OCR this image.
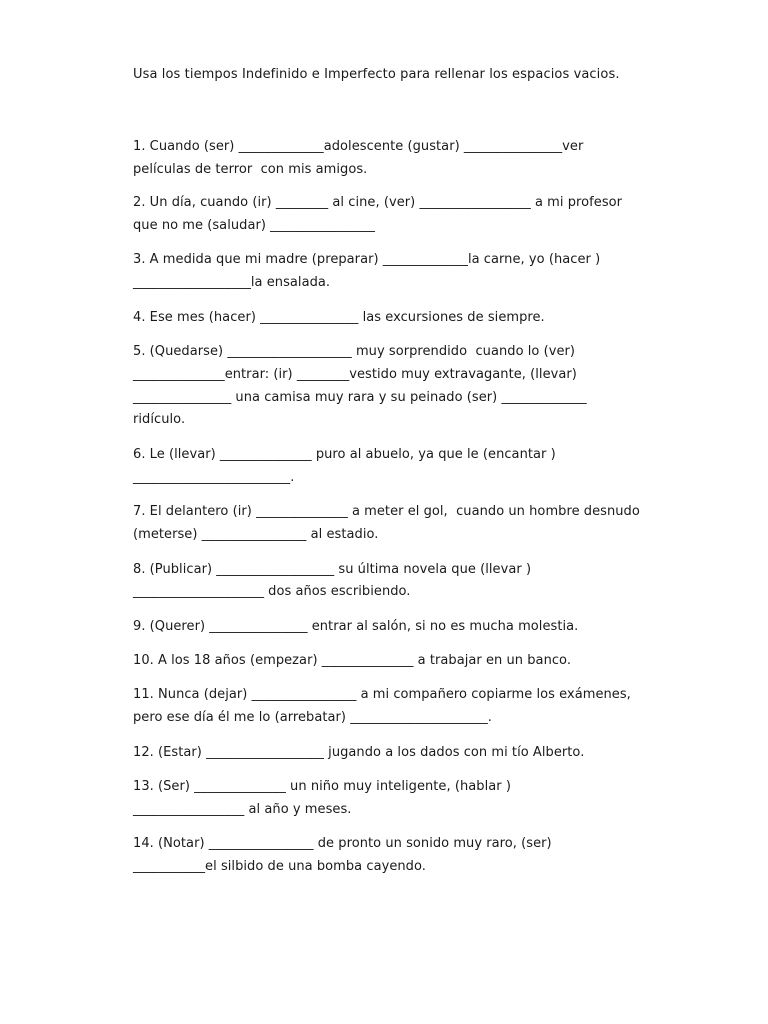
Usa los tiempos Indefinido e Imperfecto para rellenar los espacios vacios.
1. Cuando (ser) _____________adolescente (gustar) _______________ver
películas de terror  con mis amigos.
2. Un día, cuando (ir) ________ al cine, (ver) _________________ a mi profesor
que no me (saludar) ________________
3. A medida que mi madre (preparar) _____________la carne, yo (hacer )
__________________la ensalada.
4. Ese mes (hacer) _______________ las excursiones de siempre.
5. (Quedarse) ___________________ muy sorprendido  cuando lo (ver)
______________entrar: (ir) ________vestido muy extravagante, (llevar)
_______________ una camisa muy rara y su peinado (ser) _____________
ridículo.
6. Le (llevar) ______________ puro al abuelo, ya que le (encantar )
________________________.
7. El delantero (ir) ______________ a meter el gol,  cuando un hombre desnudo
(meterse) ________________ al estadio.
8. (Publicar) __________________ su última novela que (llevar )
____________________ dos años escribiendo.
9. (Querer) _______________ entrar al salón, si no es mucha molestia.
10. A los 18 años (empezar) ______________ a trabajar en un banco.
11. Nunca (dejar) ________________ a mi compañero copiarme los exámenes,
pero ese día él me lo (arrebatar) _____________________.
12. (Estar) __________________ jugando a los dados con mi tío Alberto.
13. (Ser) ______________ un niño muy inteligente, (hablar )
_________________ al año y meses.
14. (Notar) ________________ de pronto un sonido muy raro, (ser)
___________el silbido de una bomba cayendo.
